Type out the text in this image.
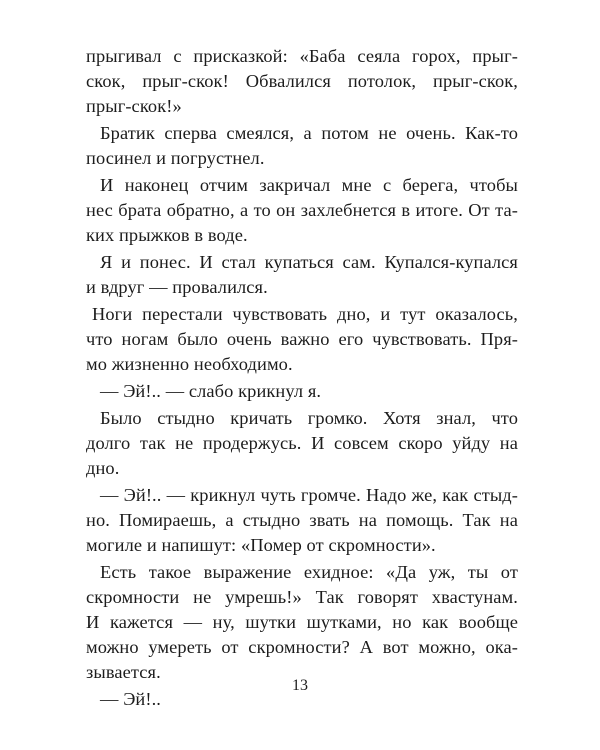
прыгивал с присказкой: «Баба сеяла горох, прыг-
скок, прыг-скок! Обвалился потолок, прыг-скок,
прыг-скок!»
Братик сперва смеялся, а потом не очень. Как-то
посинел и погрустнел.
И наконец отчим закричал мне с берега, чтобы
нес брата обратно, а то он захлебнется в итоге. От та-
ких прыжков в воде.
Я и понес. И стал купаться сам. Купался-купался
и вдруг — провалился.
Ноги перестали чувствовать дно, и тут оказалось,
что ногам было очень важно его чувствовать. Пря-
мо жизненно необходимо.
— Эй!.. — слабо крикнул я.
Было стыдно кричать громко. Хотя знал, что
долго так не продержусь. И совсем скоро уйду на
дно.
— Эй!.. — крикнул чуть громче. Надо же, как стыд-
но. Помираешь, а стыдно звать на помощь. Так на
могиле и напишут: «Помер от скромности».
Есть такое выражение ехидное: «Да уж, ты от
скромности не умрешь!» Так говорят хвастунам.
И кажется — ну, шутки шутками, но как вообще
можно умереть от скромности? А вот можно, ока-
зывается.
— Эй!..
13
